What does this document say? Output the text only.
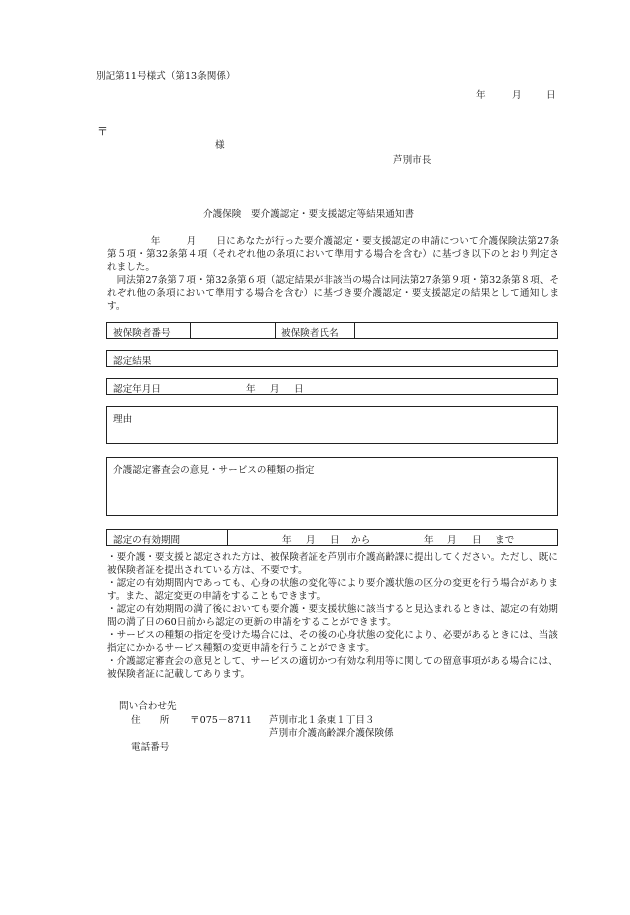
別記第11号様式（第13条関係）
年	月	日
〒
様
芦別市長
介護保険　要介護認定・要支援認定等結果通知書
年	月 日にあなたが行った要介護認定・要支援認定の申請について介護保険法第27条第５項・第32条第４項（それぞれ他の条項において準用する場合を含む）に基づき以下のとおり判定されました。
同法第27条第７項・第32条第６項（認定結果が非該当の場合は同法第27条第９項・第32条第８項、それぞれ他の条項において準用する場合を含む）に基づき要介護認定・要支援認定の結果として通知します。
被保険者番号	被保険者氏名
認定結果
認定年月日	年 月 日
理由
介護認定審査会の意見・サービスの種類の指定
認定の有効期間	年 月 日 から	年 月 日 まで

・要介護・要支援と認定された方は、被保険者証を芦別市介護高齢課に提出してください。ただし、既に被保険者証を提出されている方は、不要です。

・認定の有効期間内であっても、心身の状態の変化等により要介護状態の区分の変更を行う場合があります。また、認定変更の申請をすることもできます。

・認定の有効期間の満了後においても要介護・要支援状態に該当すると見込まれるときは、認定の有効期間の満了日の60日前から認定の更新の申請をすることができます。

・サービスの種類の指定を受けた場合には、その後の心身状態の変化により、必要があるときには、当該指定にかかるサービス種類の変更申請を行うことができます。

・介護認定審査会の意見として、サービスの適切かつ有効な利用等に関しての留意事項がある場合には、被保険者証に記載してあります。

問い合わせ先
住　　所 〒075－8711 芦別市北１条東１丁目３
芦別市介護高齢課介護保険係
電話番号
